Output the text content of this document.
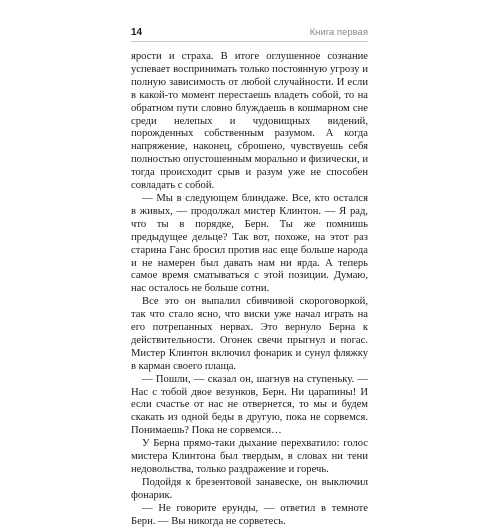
14	Книга первая

ярости и страха. В итоге оглушенное сознание успевает воспринимать только постоянную угрозу и полную зависимость от любой случайности. И если в какой-то момент перестаешь владеть собой, то на обратном пути словно блуждаешь в кошмарном сне среди нелепых и чудовищных видений, порожденных собственным разумом. А когда напряжение, наконец, сброшено, чувствуешь себя полностью опустошенным морально и физически, и тогда происходит срыв и разум уже не способен совладать с собой.

— Мы в следующем блиндаже. Все, кто остался в живых, — продолжал мистер Клинтон. — Я рад, что ты в порядке, Берн. Ты же помнишь предыдущее дельце? Так вот, похоже, на этот раз старина Ганс бросил против нас еще больше народа и не намерен был давать нам ни ярда. А теперь самое время сматываться с этой позиции. Думаю, нас осталось не больше сотни.

Все это он выпалил сбивчивой скороговоркой, так что стало ясно, что виски уже начал играть на его потрепанных нервах. Это вернуло Берна к действительности. Огонек свечи прыгнул и погас. Мистер Клинтон включил фонарик и сунул фляжку в карман своего плаща.

— Пошли, — сказал он, шагнув на ступеньку. — Нас с тобой двое везунков, Берн. Ни царапины! И если счастье от нас не отвернется, то мы и будем скакать из одной беды в другую, пока не сорвемся. Понимаешь? Пока не сорвемся…

У Берна прямо-таки дыхание перехватило: голос мистера Клинтона был твердым, в словах ни тени недовольства, только раздражение и горечь.

Подойдя к брезентовой занавеске, он выключил фонарик.

— Не говорите ерунды, — ответил в темноте Берн. — Вы никогда не сорветесь.
